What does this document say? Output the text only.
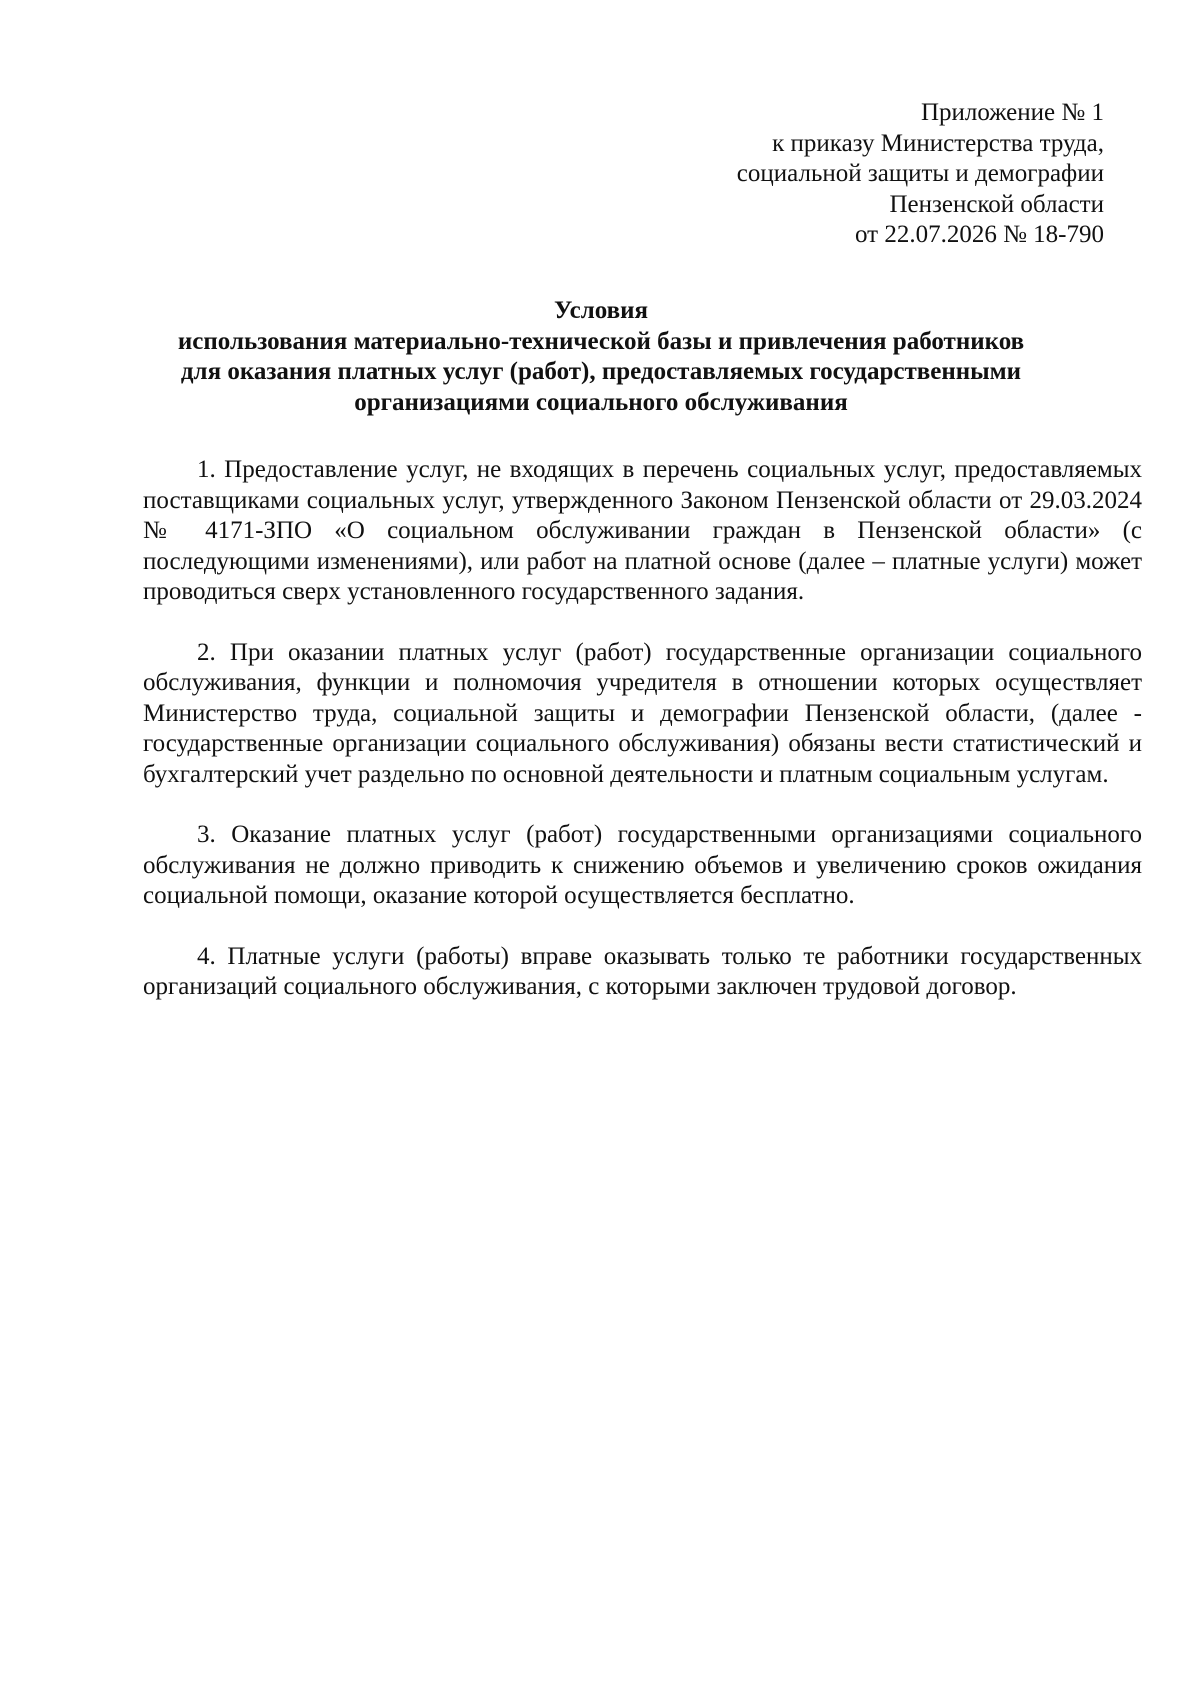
Приложение № 1
к приказу Министерства труда,
социальной защиты и демографии
Пензенской области
от 22.07.2026 № 18-790
Условия
использования материально-технической базы и привлечения работников
для оказания платных услуг (работ), предоставляемых государственными
организациями социального обслуживания

1. Предоставление услуг, не входящих в перечень социальных услуг, предоставляемых поставщиками социальных услуг, утвержденного Законом Пензенской области от 29.03.2024 № 4171-ЗПО «О социальном обслуживании граждан в Пензенской области» (с последующими изменениями), или работ на платной основе (далее – платные услуги) может проводиться сверх установленного государственного задания.

2. При оказании платных услуг (работ) государственные организации социального обслуживания, функции и полномочия учредителя в отношении которых осуществляет Министерство труда, социальной защиты и демографии Пензенской области, (далее - государственные организации социального обслуживания) обязаны вести статистический и бухгалтерский учет раздельно по основной деятельности и платным социальным услугам.

3. Оказание платных услуг (работ) государственными организациями социального обслуживания не должно приводить к снижению объемов и увеличению сроков ожидания социальной помощи, оказание которой осуществляется бесплатно.

4. Платные услуги (работы) вправе оказывать только те работники государственных организаций социального обслуживания, с которыми заключен трудовой договор.
